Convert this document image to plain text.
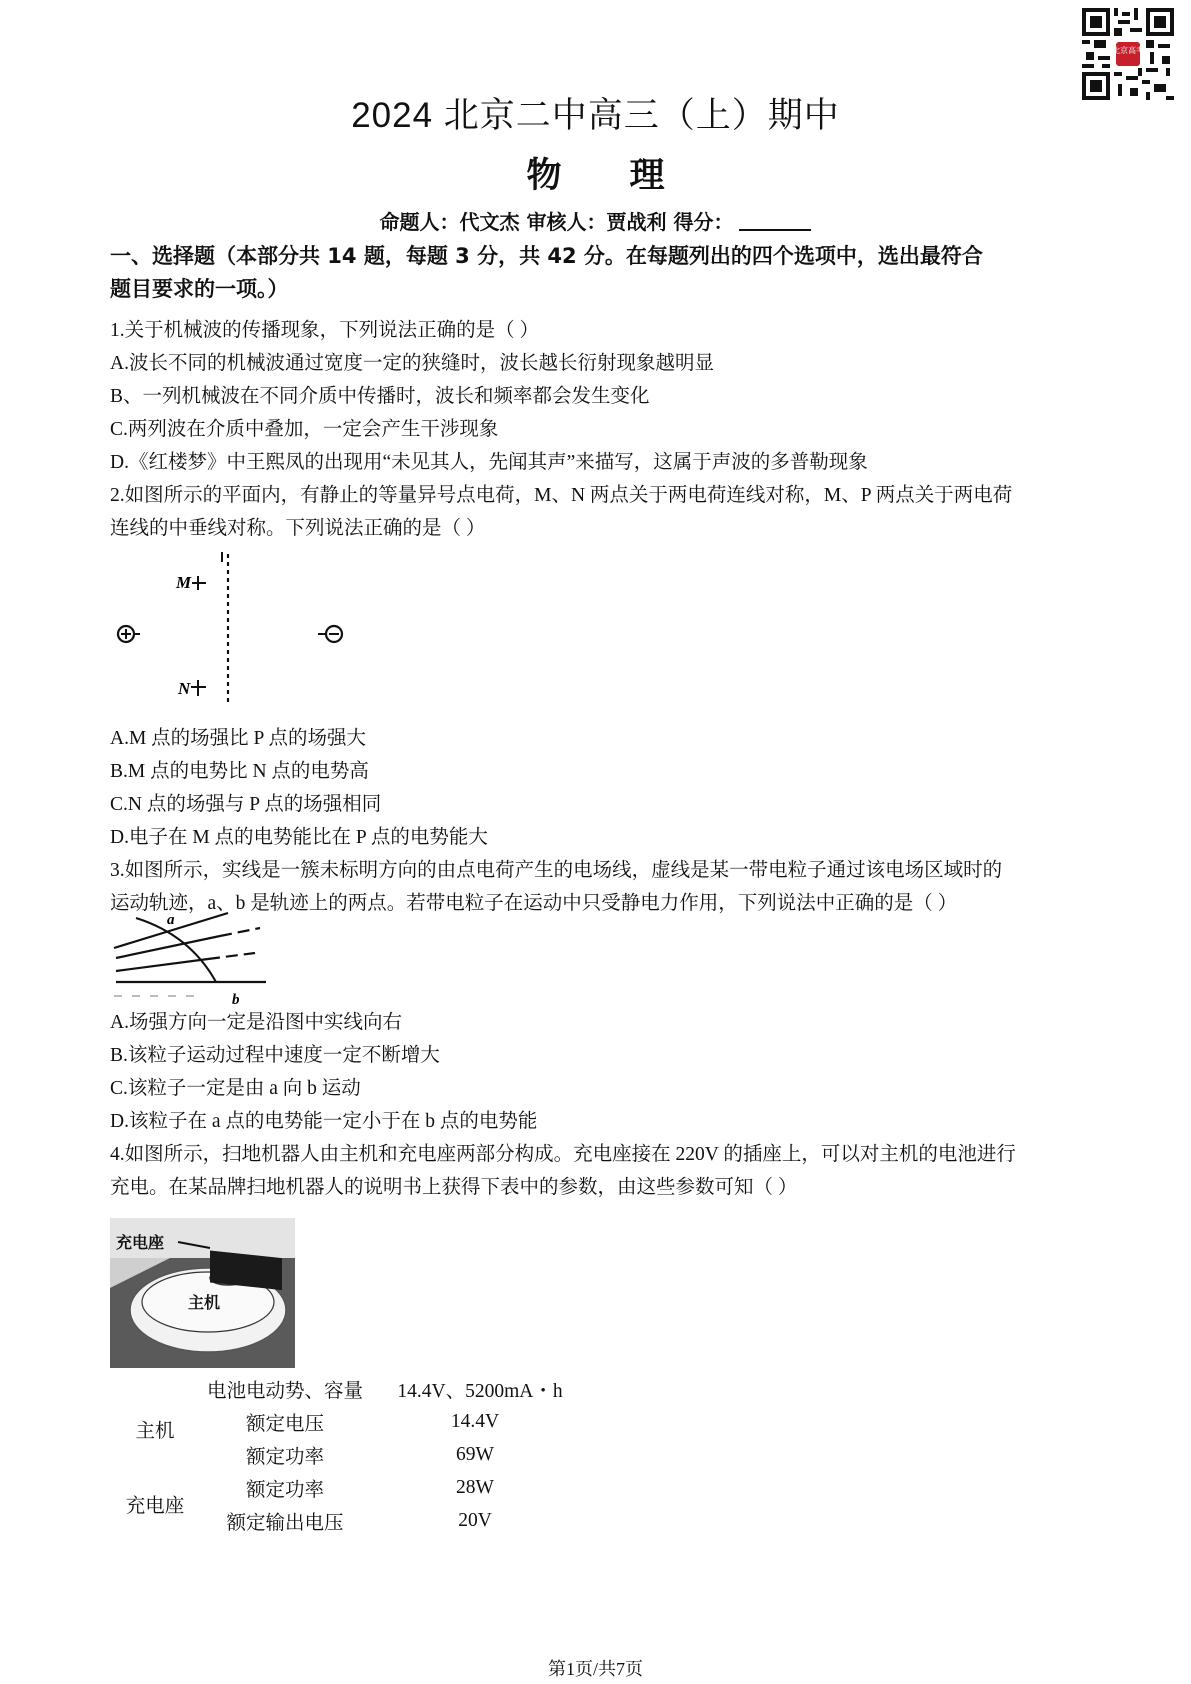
北京高考
2024 北京二中高三（上）期中
物 理
命题人：代文杰 审核人：贾战利 得分：
一、选择题（本部分共 14 题，每题 3 分，共 42 分。在每题列出的四个选项中，选出最符合
题目要求的一项。）
1.关于机械波的传播现象，下列说法正确的是（ ）
A.波长不同的机械波通过宽度一定的狭缝时，波长越长衍射现象越明显
B、一列机械波在不同介质中传播时，波长和频率都会发生变化
C.两列波在介质中叠加，一定会产生干涉现象
D.《红楼梦》中王熙凤的出现用“未见其人，先闻其声”来描写，这属于声波的多普勒现象
2.如图所示的平面内，有静止的等量异号点电荷，M、N 两点关于两电荷连线对称，M、P 两点关于两电荷
连线的中垂线对称。下列说法正确的是（ ）
M
N
A.M 点的场强比 P 点的场强大
B.M 点的电势比 N 点的电势高
C.N 点的场强与 P 点的场强相同
D.电子在 M 点的电势能比在 P 点的电势能大
3.如图所示，实线是一簇未标明方向的由点电荷产生的电场线，虚线是某一带电粒子通过该电场区域时的
运动轨迹，a、b 是轨迹上的两点。若带电粒子在运动中只受静电力作用，下列说法中正确的是（ ）
a
b
A.场强方向一定是沿图中实线向右
B.该粒子运动过程中速度一定不断增大
C.该粒子一定是由 a 向 b 运动
D.该粒子在 a 点的电势能一定小于在 b 点的电势能
4.如图所示，扫地机器人由主机和充电座两部分构成。充电座接在 220V 的插座上，可以对主机的电池进行
充电。在某品牌扫地机器人的说明书上获得下表中的参数，由这些参数可知（ ）
充电座
主机
主机	电池电动势、容量	14.4V、5200mA・h
	额定电压	14.4V
	额定功率	69W
充电座	额定功率	28W
	额定输出电压	20V
第1页/共7页
